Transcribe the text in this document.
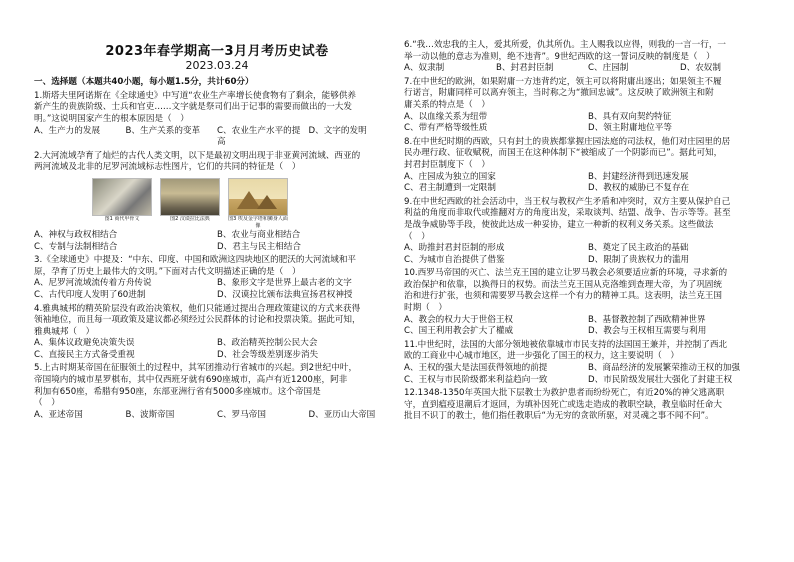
2023年春学期高一3月月考历史试卷
2023.03.24
一、选择题（本题共40小题，每小题1.5分，共计60分）
1.斯塔夫里阿诺斯在《全球通史》中写道“农业生产率增长使食物有了剩余，能够供养
新产生的贵族阶级、士兵和官吏……文字就是祭司们出于记事的需要而做出的一大发
明。”这说明国家产生的根本原因是（　）
A、生产力的发展	B、生产关系的变革	C、农业生产水平的提高
D、文字的发明
2.大河流域孕育了灿烂的古代人类文明，以下是最初文明出现于非亚黄河流域、西亚的
两河流域及北非的尼罗河流域标志性图片，它们的共同的特征是（　）
图1 商代甲骨文	图2 汉谟拉比法典	图3 埃及金字塔和狮身人面像
A、神权与政权相结合	B、农业与商业相结合
C、专制与法制相结合	D、君主与民主相结合
3.《全球通史》中提及：“中东、印度、中国和欧洲这四块地区的肥沃的大河流域和平
原，孕育了历史上最伟大的文明。”下面对古代文明描述正确的是（　）
A、尼罗河流域流传着方舟传说	B、象形文字是世界上最古老的文字
C、古代印度人发明了60进制	D、汉谟拉比颁布法典宣扬君权神授
4.雅典城邦的精英阶层没有政治决策权，他们只能通过提出合理政策建议的方式来获得
领袖地位，而且每一项政策及建议都必须经过公民群体的讨论和投票决策。据此可知，
雅典城邦（　）
A、集体议政避免决策失误	B、政治精英控制公民大会
C、直接民主方式备受重视	D、社会等级差别逐步消失
5.上古时期某帝国在征服领土的过程中，其军团推动行省城市的兴起。到2世纪中叶，
帝国境内的城市星罗棋布，其中仅西班牙就有690座城市，高卢有近1200座，阿非
利加有650座，希腊有950座，东部亚洲行省有5000多座城市。这个帝国是
（　）
A、亚述帝国	B、波斯帝国	C、罗马帝国	D、亚历山大帝国
6.“我…效忠我的主人，爱其所爱，仇其所仇。主人赐我以应得，则我的一言一行，一
举一动以他的意志为准则，绝不违背”。9世纪西欧的这一誓词反映的制度是（　）
A、奴隶制	B、封君封臣制	C、庄园制	D、农奴制
7.在中世纪的欧洲，如果附庸一方违背约定，领主可以将附庸出逐出；如果领主不履
行诺言，附庸同样可以离弃领主，当时称之为“撤回忠诚”。这反映了欧洲领主和附
庸关系的特点是（　）
A、以血缘关系为纽带	B、具有双向契约特征
C、带有严格等级性质	D、领主附庸地位平等
8.在中世纪时期的西欧，只有封土的贵族都掌握庄园法庭的司法权，他们对庄园里的居
民办理行政、征收赋税，而国王在这种体制下“被缩成了一个阴影而已”。据此可知，
封君封臣制度下（　）
A、庄园成为独立的国家	B、封建经济得到迅速发展
C、君主制遭到一定限制	D、教权的威胁已不复存在
9.在中世纪西欧的社会活动中，当王权与教权产生矛盾和冲突时，双方主要从保护自己
利益的角度而非取代或推翻对方的角度出发，采取谈判、结盟、战争、告示等等。甚至
是战争威胁等手段，使彼此达成一种妥协，建立一种新的权利义务关系。这些做法
（　）
A、助推封君封臣制的形成	B、奠定了民主政治的基础
C、为城市自治提供了借鉴	D、限制了贵族权力的滥用
10.西罗马帝国的灭亡、法兰克王国的建立让罗马教会必须要适应新的环境，寻求新的
政治保护和依靠，以换得日的权势。而法兰克王国从克洛维到查理大帝，为了巩固统
治和进行扩张，也须和需要罗马教会这样一个有力的精神工具。这表明，法兰克王国
时期（　）
A、教会的权力大于世俗王权	B、基督教控制了西欧精神世界
C、国王利用教会扩大了權威	D、教会与王权相互需要与利用
11.中世纪时，法国的大部分领地被依靠城市市民支持的法国国王兼并，并控制了西北
欧的工商业中心城市地区，进一步强化了国王的权力，这主要说明（　）
A、王权的强大是法国获得领地的前提	B、商品经济的发展繁荣推动王权的加强
C、王权与市民阶级都来利益趋向一致	D、市民阶级发展壮大强化了封建王权
12.1348-1350年英国大批下层教士为救护患者而纷纷死亡，有近20%的神父逃离职
守，直到瘟疫退潮后才返回，为填补因死亡或选走造成的教职空缺，教皇临时任命大
批目不识丁的教士，他们指任教职后“为无穷的贪欲所驱，对灵魂之事不闻不问”。
